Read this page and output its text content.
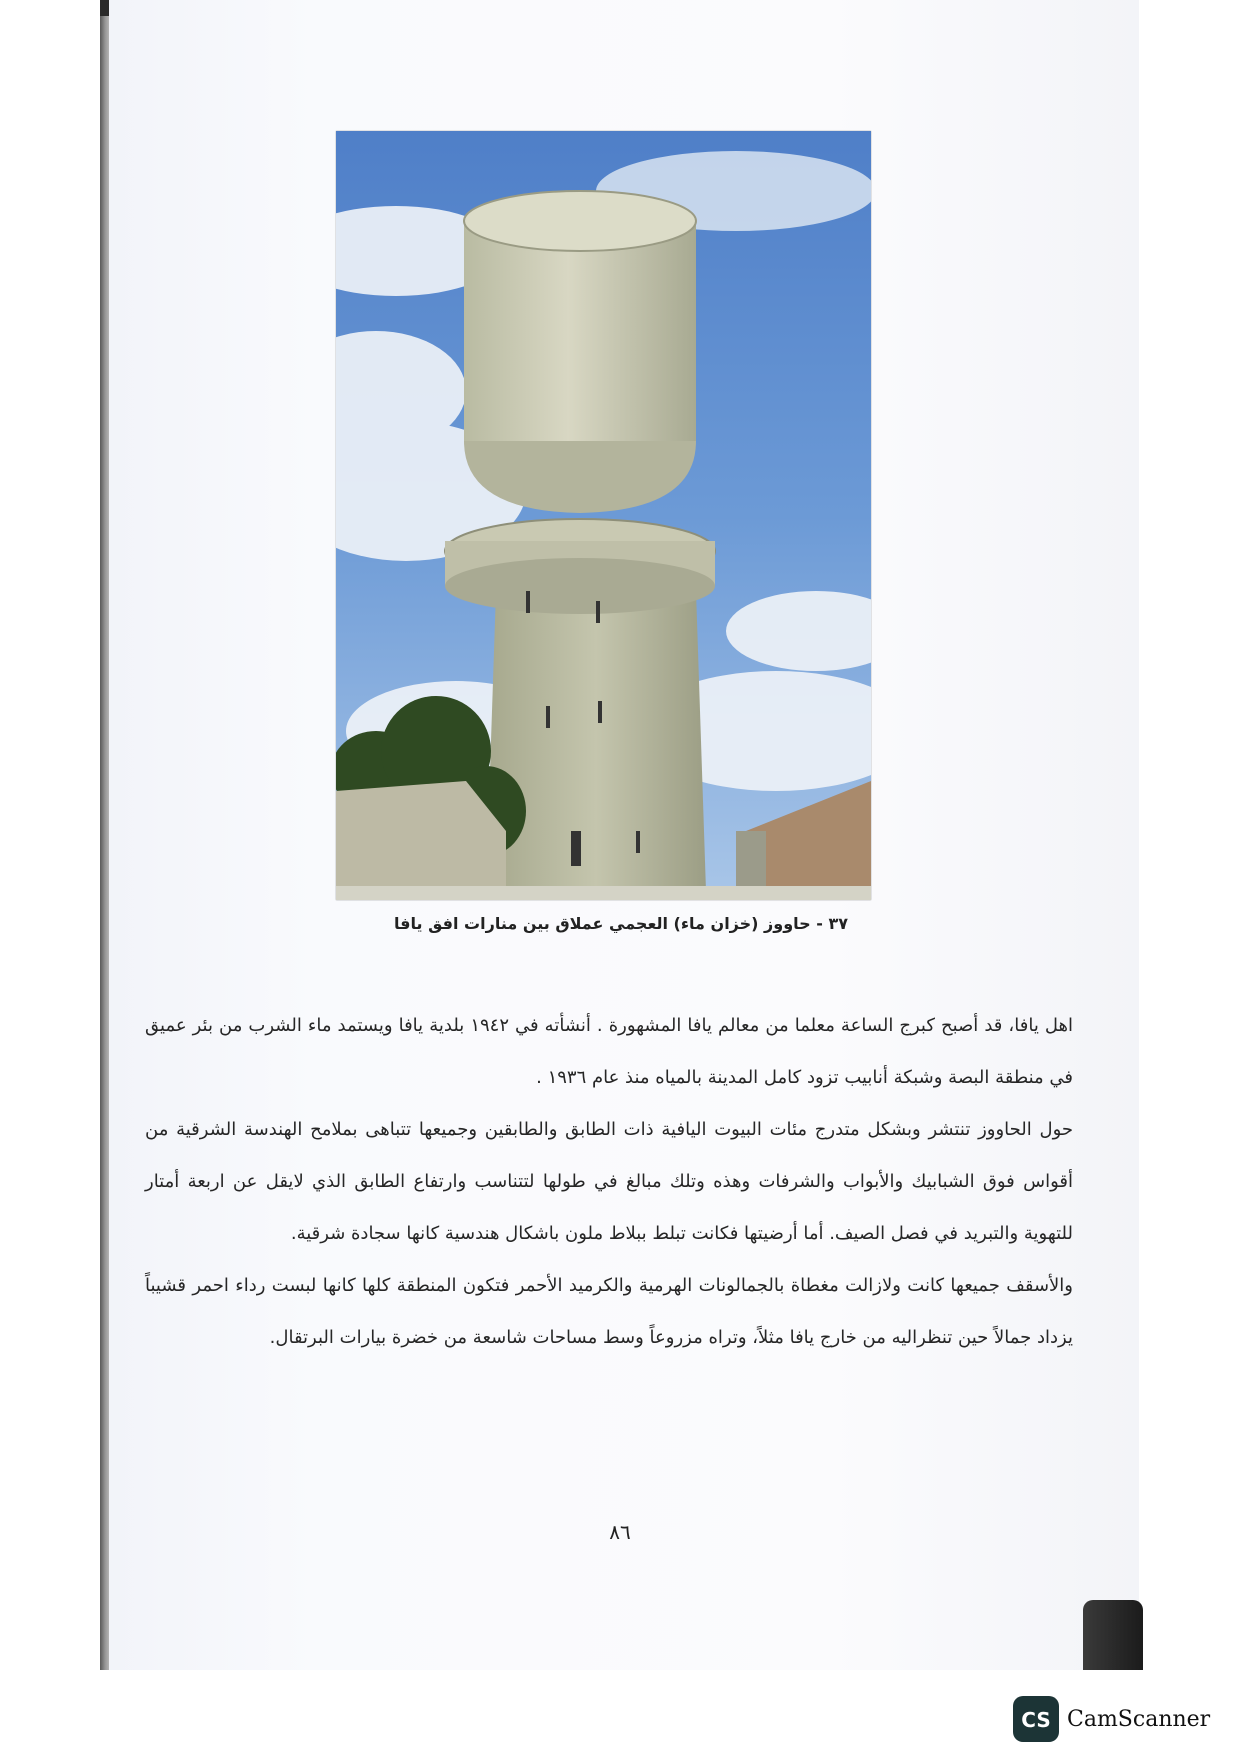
٣٧ - حاووز (خزان ماء) العجمي عملاق بين منارات افق يافا

اهل يافا، قد أصبح كبرج الساعة معلما من معالم يافا المشهورة . أنشأته في ١٩٤٢ بلدية يافا ويستمد ماء الشرب من بئر عميق في منطقة البصة وشبكة أنابيب تزود كامل المدينة بالمياه منذ عام ١٩٣٦ .

حول الحاووز تنتشر وبشكل متدرج مئات البيوت اليافية ذات الطابق والطابقين وجميعها تتباهى بملامح الهندسة الشرقية من أقواس فوق الشبابيك والأبواب والشرفات وهذه وتلك مبالغ في طولها لتتناسب وارتفاع الطابق الذي لايقل عن اربعة أمتار للتهوية والتبريد في فصل الصيف. أما أرضيتها فكانت تبلط ببلاط ملون باشكال هندسية كانها سجادة شرقية.

والأسقف جميعها كانت ولازالت مغطاة بالجمالونات الهرمية والكرميد الأحمر فتكون المنطقة كلها كانها لبست رداء احمر قشيباً يزداد جمالاً حين تنظراليه من خارج يافا مثلاً، وتراه مزروعاً وسط مساحات شاسعة من خضرة بيارات البرتقال.

٨٦
CS CamScanner
